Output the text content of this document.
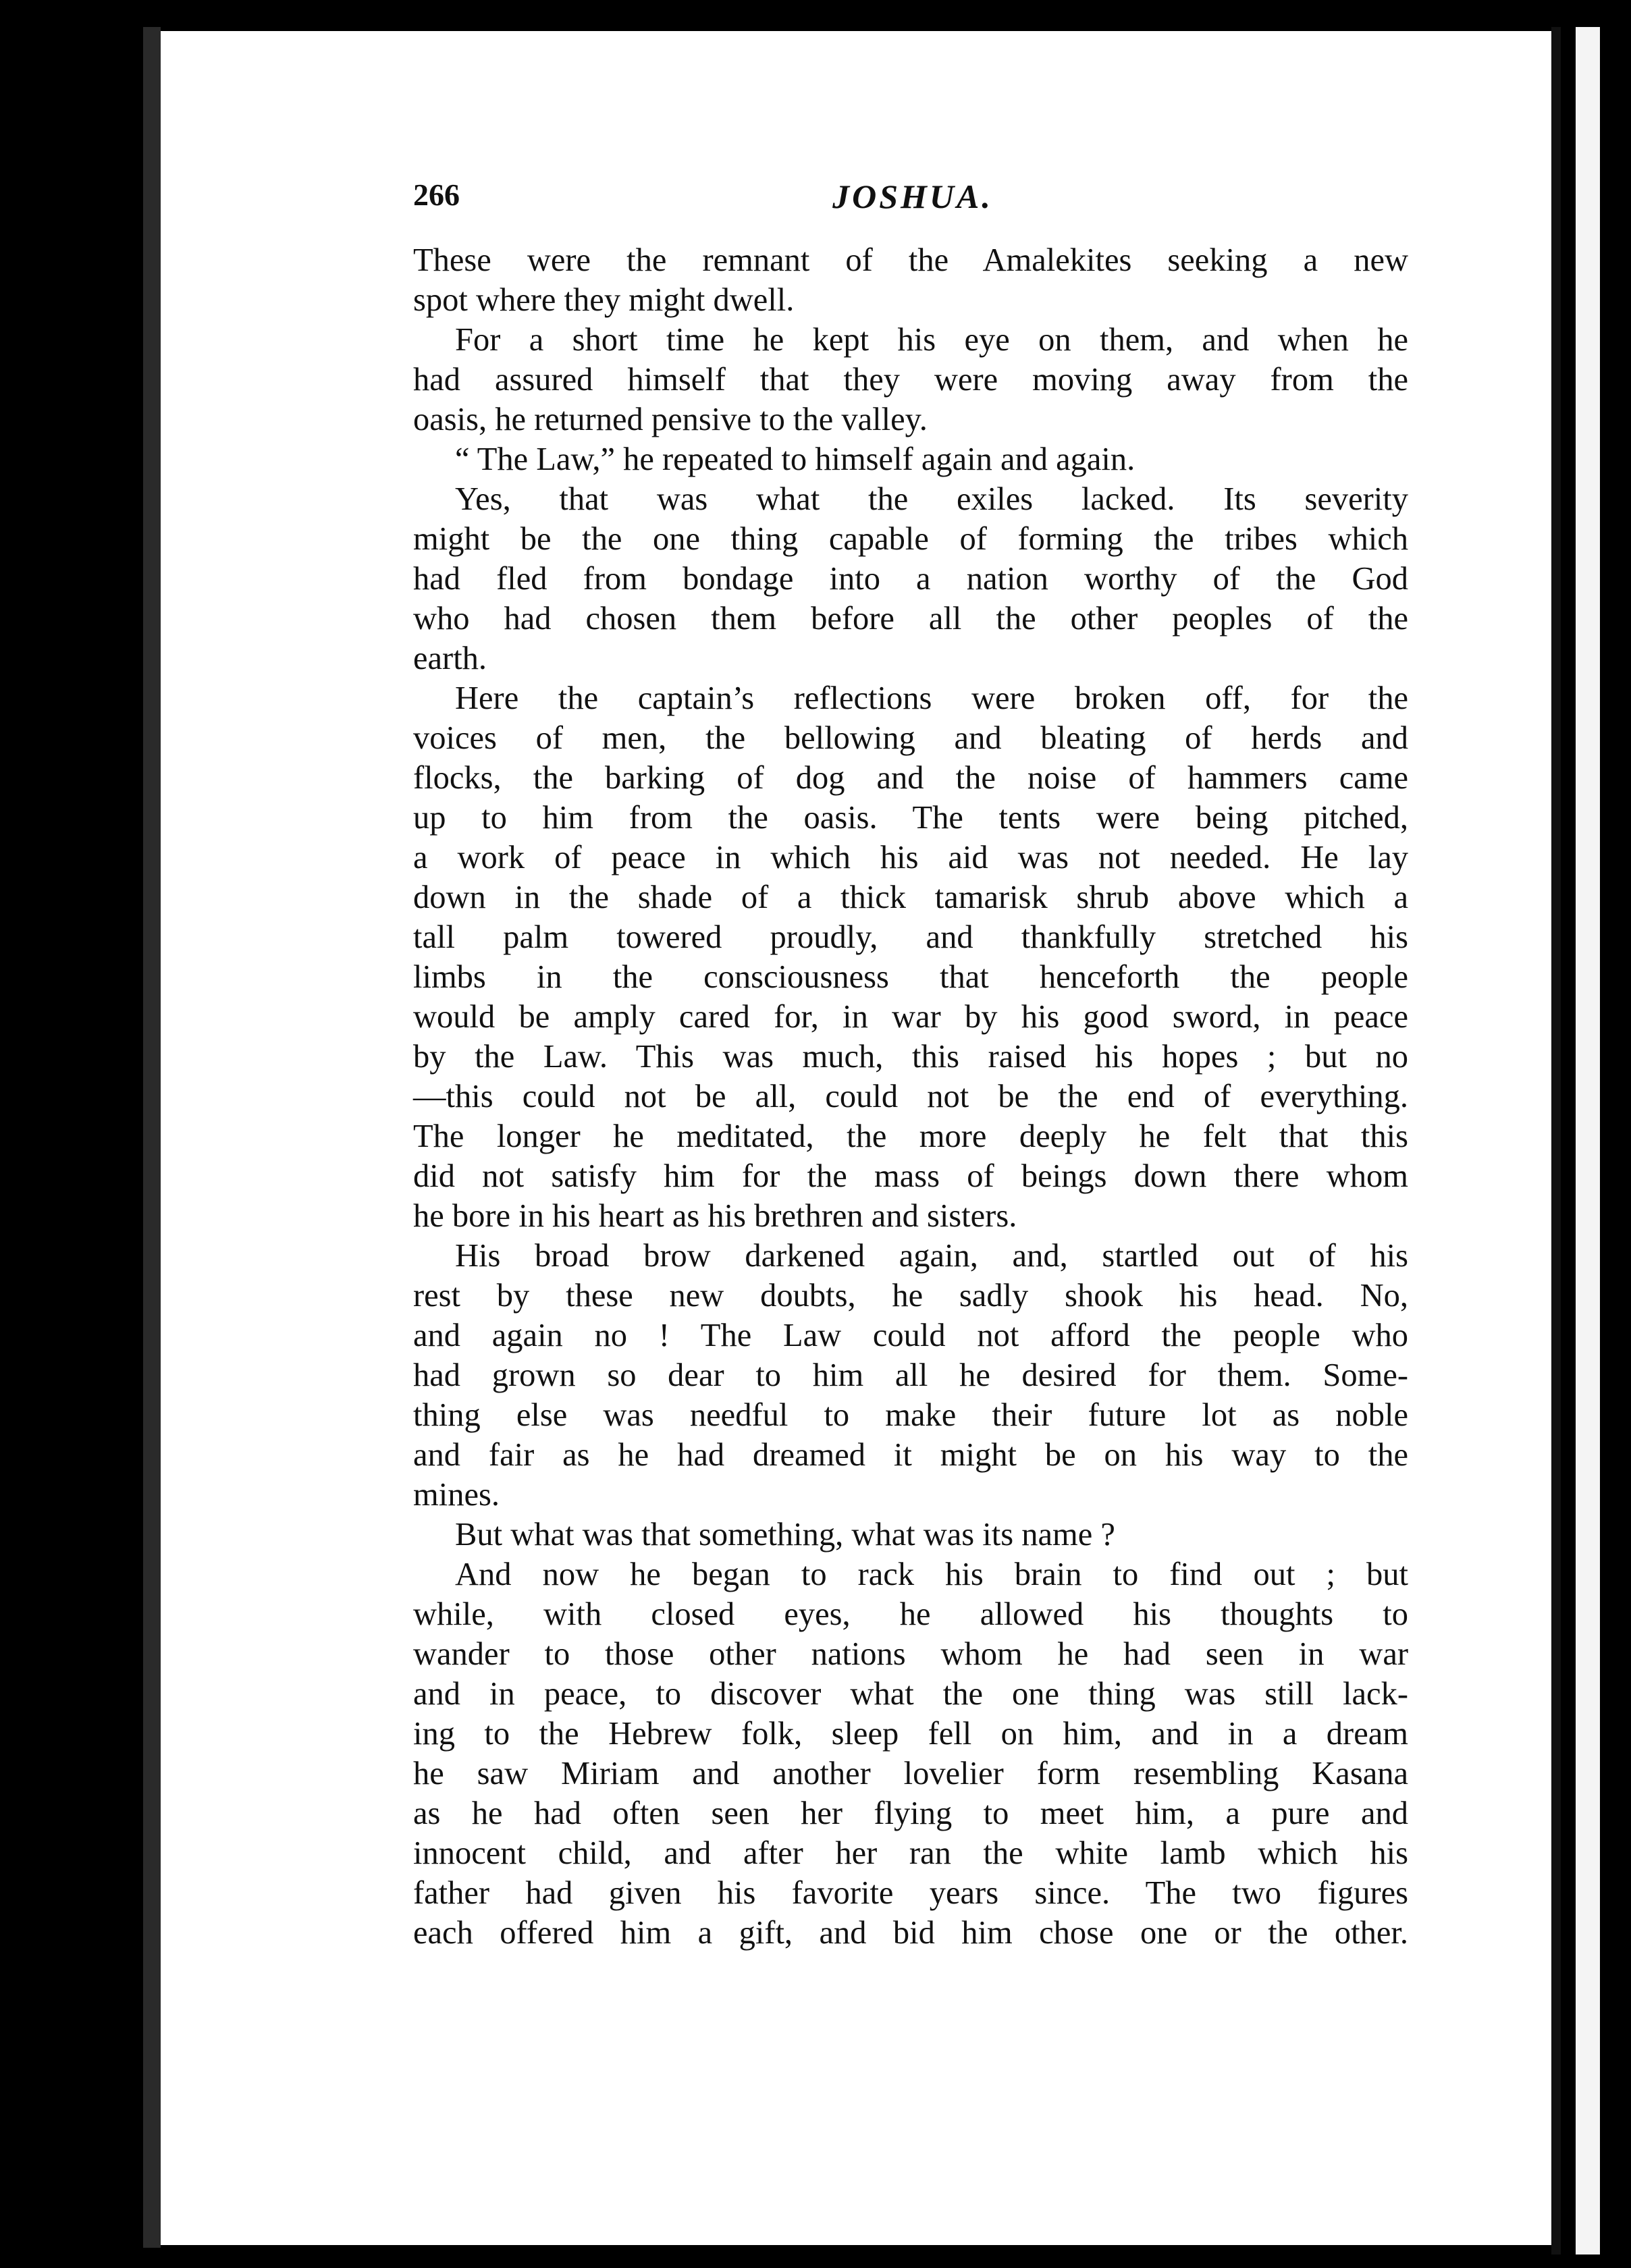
266	JOSHUA.
These were the remnant of the Amalekites seeking a new
spot where they might dwell.
For a short time he kept his eye on them, and when he
had assured himself that they were moving away from the
oasis, he returned pensive to the valley.
“ The Law,” he repeated to himself again and again.
Yes, that was what the exiles lacked. Its severity
might be the one thing capable of forming the tribes which
had fled from bondage into a nation worthy of the God
who had chosen them before all the other peoples of the
earth.
Here the captain’s reflections were broken off, for the
voices of men, the bellowing and bleating of herds and
flocks, the barking of dog and the noise of hammers came
up to him from the oasis. The tents were being pitched,
a work of peace in which his aid was not needed. He lay
down in the shade of a thick tamarisk shrub above which a
tall palm towered proudly, and thankfully stretched his
limbs in the consciousness that henceforth the people
would be amply cared for, in war by his good sword, in peace
by the Law. This was much, this raised his hopes ; but no
—this could not be all, could not be the end of everything.
The longer he meditated, the more deeply he felt that this
did not satisfy him for the mass of beings down there whom
he bore in his heart as his brethren and sisters.
His broad brow darkened again, and, startled out of his
rest by these new doubts, he sadly shook his head. No,
and again no ! The Law could not afford the people who
had grown so dear to him all he desired for them. Some-
thing else was needful to make their future lot as noble
and fair as he had dreamed it might be on his way to the
mines.
But what was that something, what was its name ?
And now he began to rack his brain to find out ; but
while, with closed eyes, he allowed his thoughts to
wander to those other nations whom he had seen in war
and in peace, to discover what the one thing was still lack-
ing to the Hebrew folk, sleep fell on him, and in a dream
he saw Miriam and another lovelier form resembling Kasana
as he had often seen her flying to meet him, a pure and
innocent child, and after her ran the white lamb which his
father had given his favorite years since. The two figures
each offered him a gift, and bid him chose one or the other.
